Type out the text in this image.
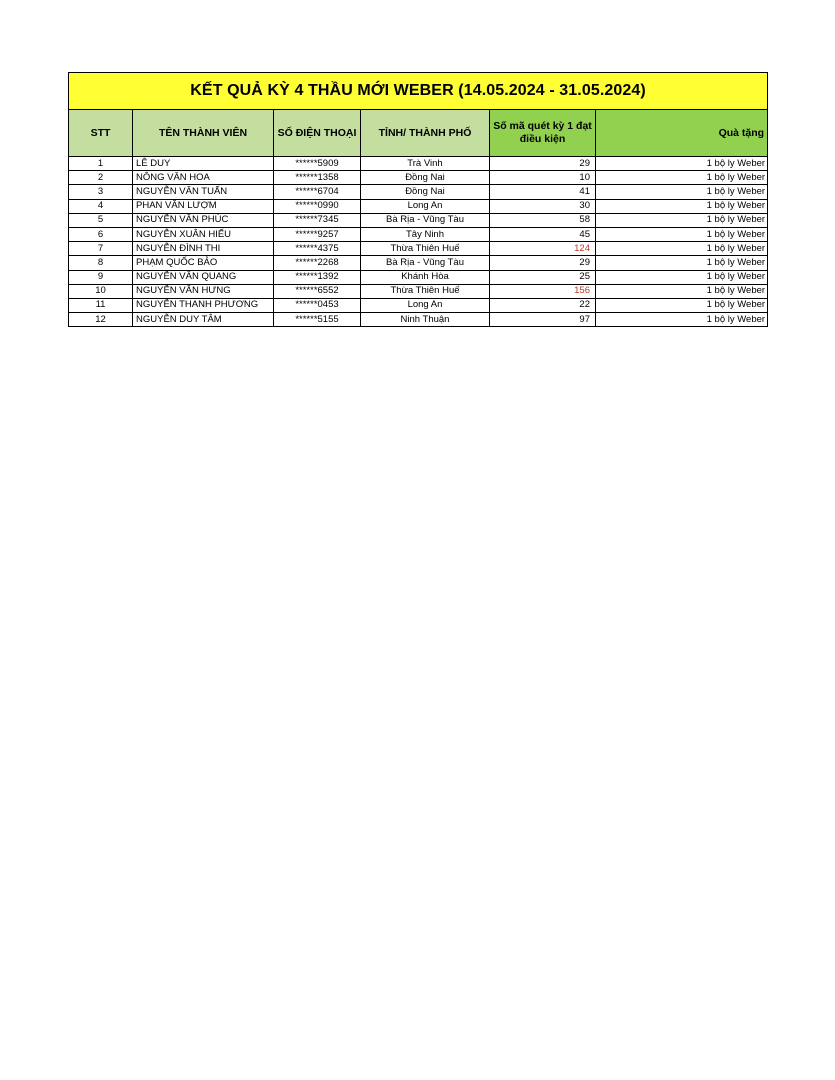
KẾT QUẢ KỲ 4 THẦU MỚI WEBER (14.05.2024 - 31.05.2024)					
STT	TÊN THÀNH VIÊN	SỐ ĐIỆN THOẠI	TỈNH/ THÀNH PHỐ	Số mã quét kỳ 1 đạt điều kiện	Quà tặng
1	LÊ DUY	******5909	Trà Vinh	29	1 bộ ly Weber
2	NÔNG VĂN HOA	******1358	Đồng Nai	10	1 bộ ly Weber
3	NGUYỄN VĂN TUẤN	******6704	Đồng Nai	41	1 bộ ly Weber
4	PHAN VĂN LƯỢM	******0990	Long An	30	1 bộ ly Weber
5	NGUYỄN VĂN PHÚC	******7345	Bà Rịa - Vũng Tàu	58	1 bộ ly Weber
6	NGUYỄN XUÂN HIẾU	******9257	Tây Ninh	45	1 bộ ly Weber
7	NGUYỄN ĐÌNH THI	******4375	Thừa Thiên Huế	124	1 bộ ly Weber
8	PHẠM QUỐC BẢO	******2268	Bà Rịa - Vũng Tàu	29	1 bộ ly Weber
9	NGUYỄN VĂN QUANG	******1392	Khánh Hòa	25	1 bộ ly Weber
10	NGUYỄN VĂN HƯNG	******6552	Thừa Thiên Huế	156	1 bộ ly Weber
11	NGUYỄN THANH PHƯƠNG	******0453	Long An	22	1 bộ ly Weber
12	NGUYỄN DUY TÂM	******5155	Ninh Thuận	97	1 bộ ly Weber
